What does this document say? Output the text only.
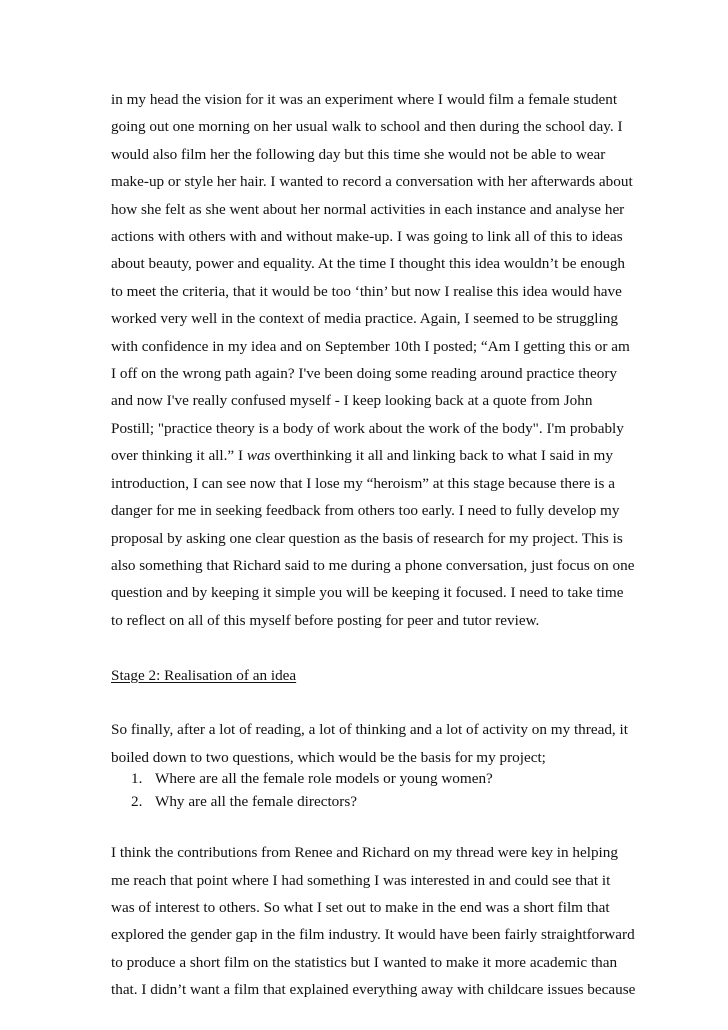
in my head the vision for it was an experiment where I would film a female student
going out one morning on her usual walk to school and then during the school day. I
would also film her the following day but this time she would not be able to wear
make-up or style her hair. I wanted to record a conversation with her afterwards about
how she felt as she went about her normal activities in each instance and analyse her
actions with others with and without make-up. I was going to link all of this to ideas
about beauty, power and equality. At the time I thought this idea wouldn’t be enough
to meet the criteria, that it would be too ‘thin’ but now I realise this idea would have
worked very well in the context of media practice. Again, I seemed to be struggling
with confidence in my idea and on September 10th I posted; “Am I getting this or am
I off on the wrong path again? I've been doing some reading around practice theory
and now I've really confused myself - I keep looking back at a quote from John
Postill; "practice theory is a body of work about the work of the body". I'm probably
over thinking it all.” I was overthinking it all and linking back to what I said in my
introduction, I can see now that I lose my “heroism” at this stage because there is a
danger for me in seeking feedback from others too early. I need to fully develop my
proposal by asking one clear question as the basis of research for my project. This is
also something that Richard said to me during a phone conversation, just focus on one
question and by keeping it simple you will be keeping it focused. I need to take time
to reflect on all of this myself before posting for peer and tutor review.
Stage 2: Realisation of an idea
So finally, after a lot of reading, a lot of thinking and a lot of activity on my thread, it
boiled down to two questions, which would be the basis for my project;
1. Where are all the female role models or young women?
2. Why are all the female directors?
I think the contributions from Renee and Richard on my thread were key in helping
me reach that point where I had something I was interested in and could see that it
was of interest to others. So what I set out to make in the end was a short film that
explored the gender gap in the film industry. It would have been fairly straightforward
to produce a short film on the statistics but I wanted to make it more academic than
that. I didn’t want a film that explained everything away with childcare issues because
